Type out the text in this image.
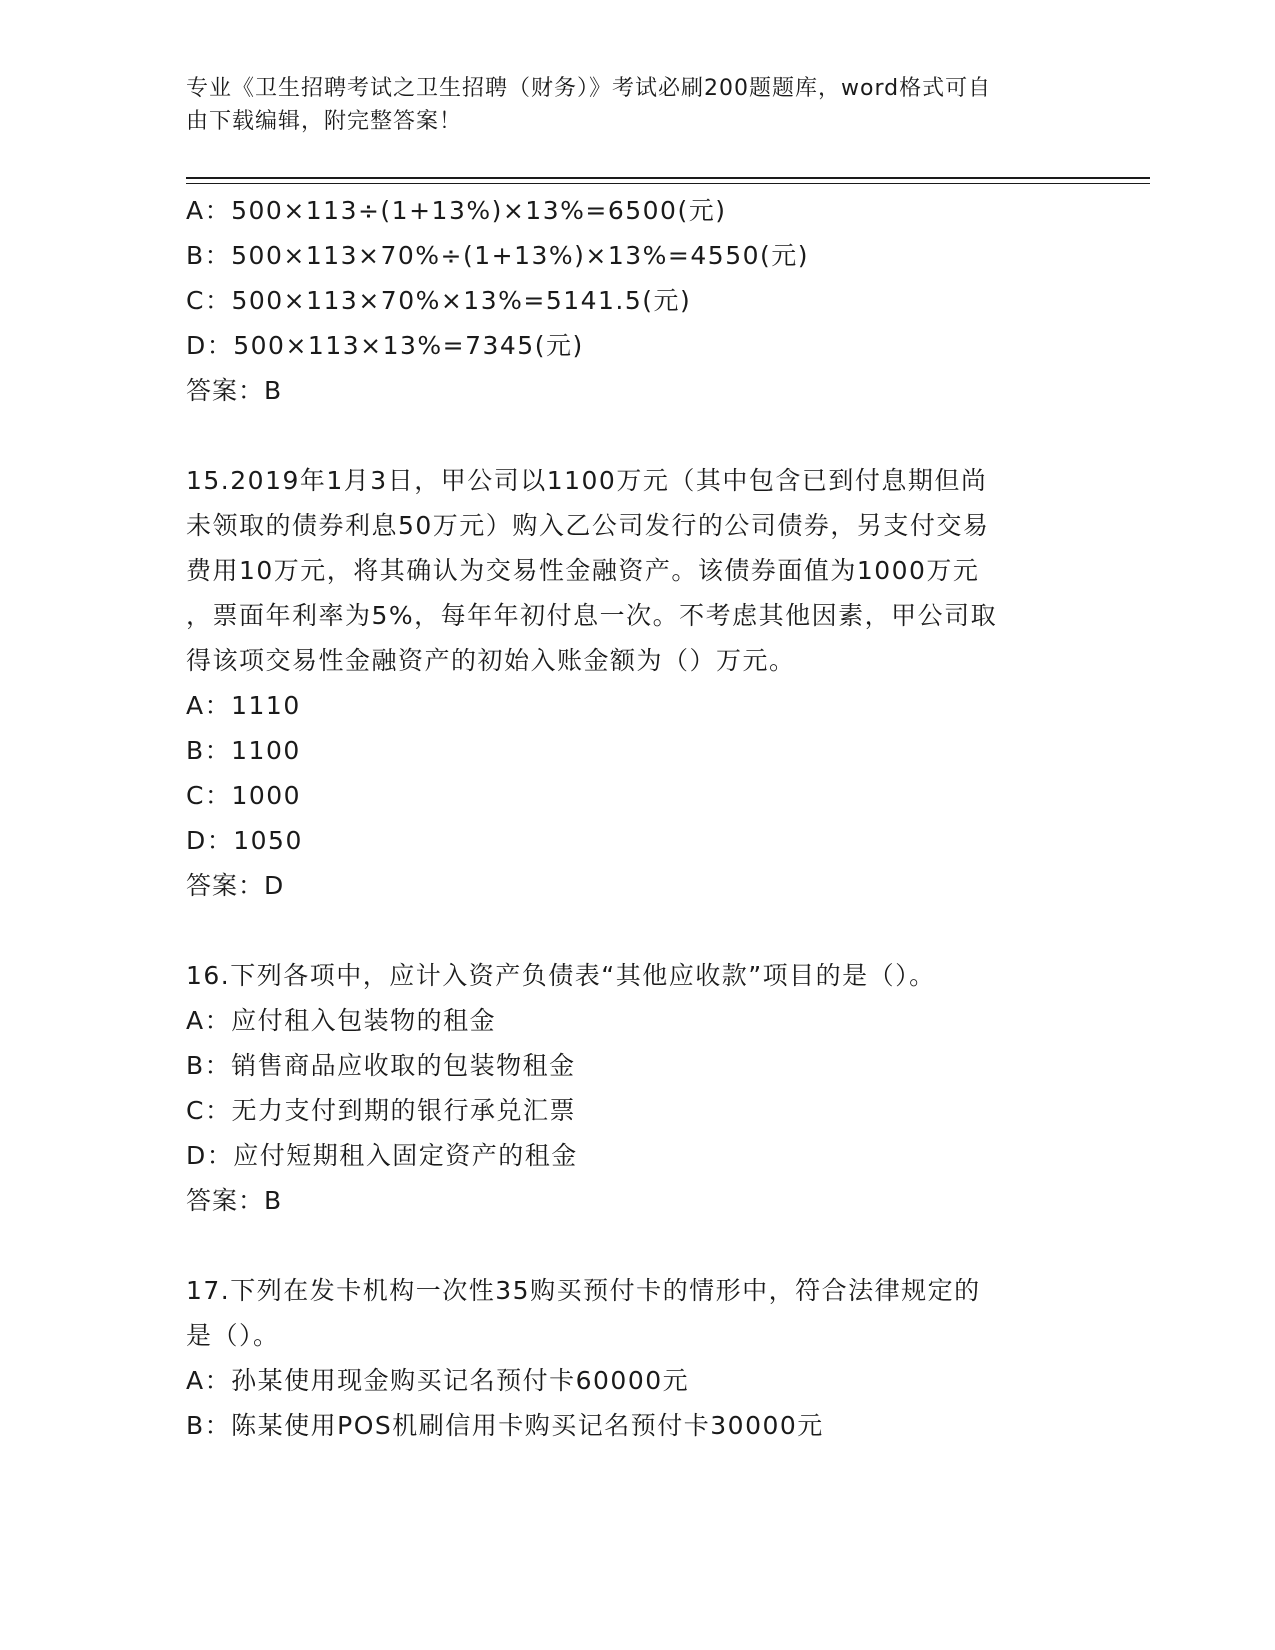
专业《卫生招聘考试之卫生招聘（财务）》考试必刷200题题库，word格式可自
由下载编辑，附完整答案！
A：500×113÷(1+13%)×13%=6500(元)
B：500×113×70%÷(1+13%)×13%=4550(元)
C：500×113×70%×13%=5141.5(元)
D：500×113×13%=7345(元)
答案：B
15.2019年1月3日，甲公司以1100万元（其中包含已到付息期但尚
未领取的债券利息50万元）购入乙公司发行的公司债券，另支付交易
费用10万元，将其确认为交易性金融资产。该债券面值为1000万元
，票面年利率为5%，每年年初付息一次。不考虑其他因素，甲公司取
得该项交易性金融资产的初始入账金额为（）万元。
A：1110
B：1100
C：1000
D：1050
答案：D
16.下列各项中，应计入资产负债表“其他应收款”项目的是（）。
A：应付租入包装物的租金
B：销售商品应收取的包装物租金
C：无力支付到期的银行承兑汇票
D：应付短期租入固定资产的租金
答案：B
17.下列在发卡机构一次性35购买预付卡的情形中，符合法律规定的
是（）。
A：孙某使用现金购买记名预付卡60000元
B：陈某使用POS机刷信用卡购买记名预付卡30000元
